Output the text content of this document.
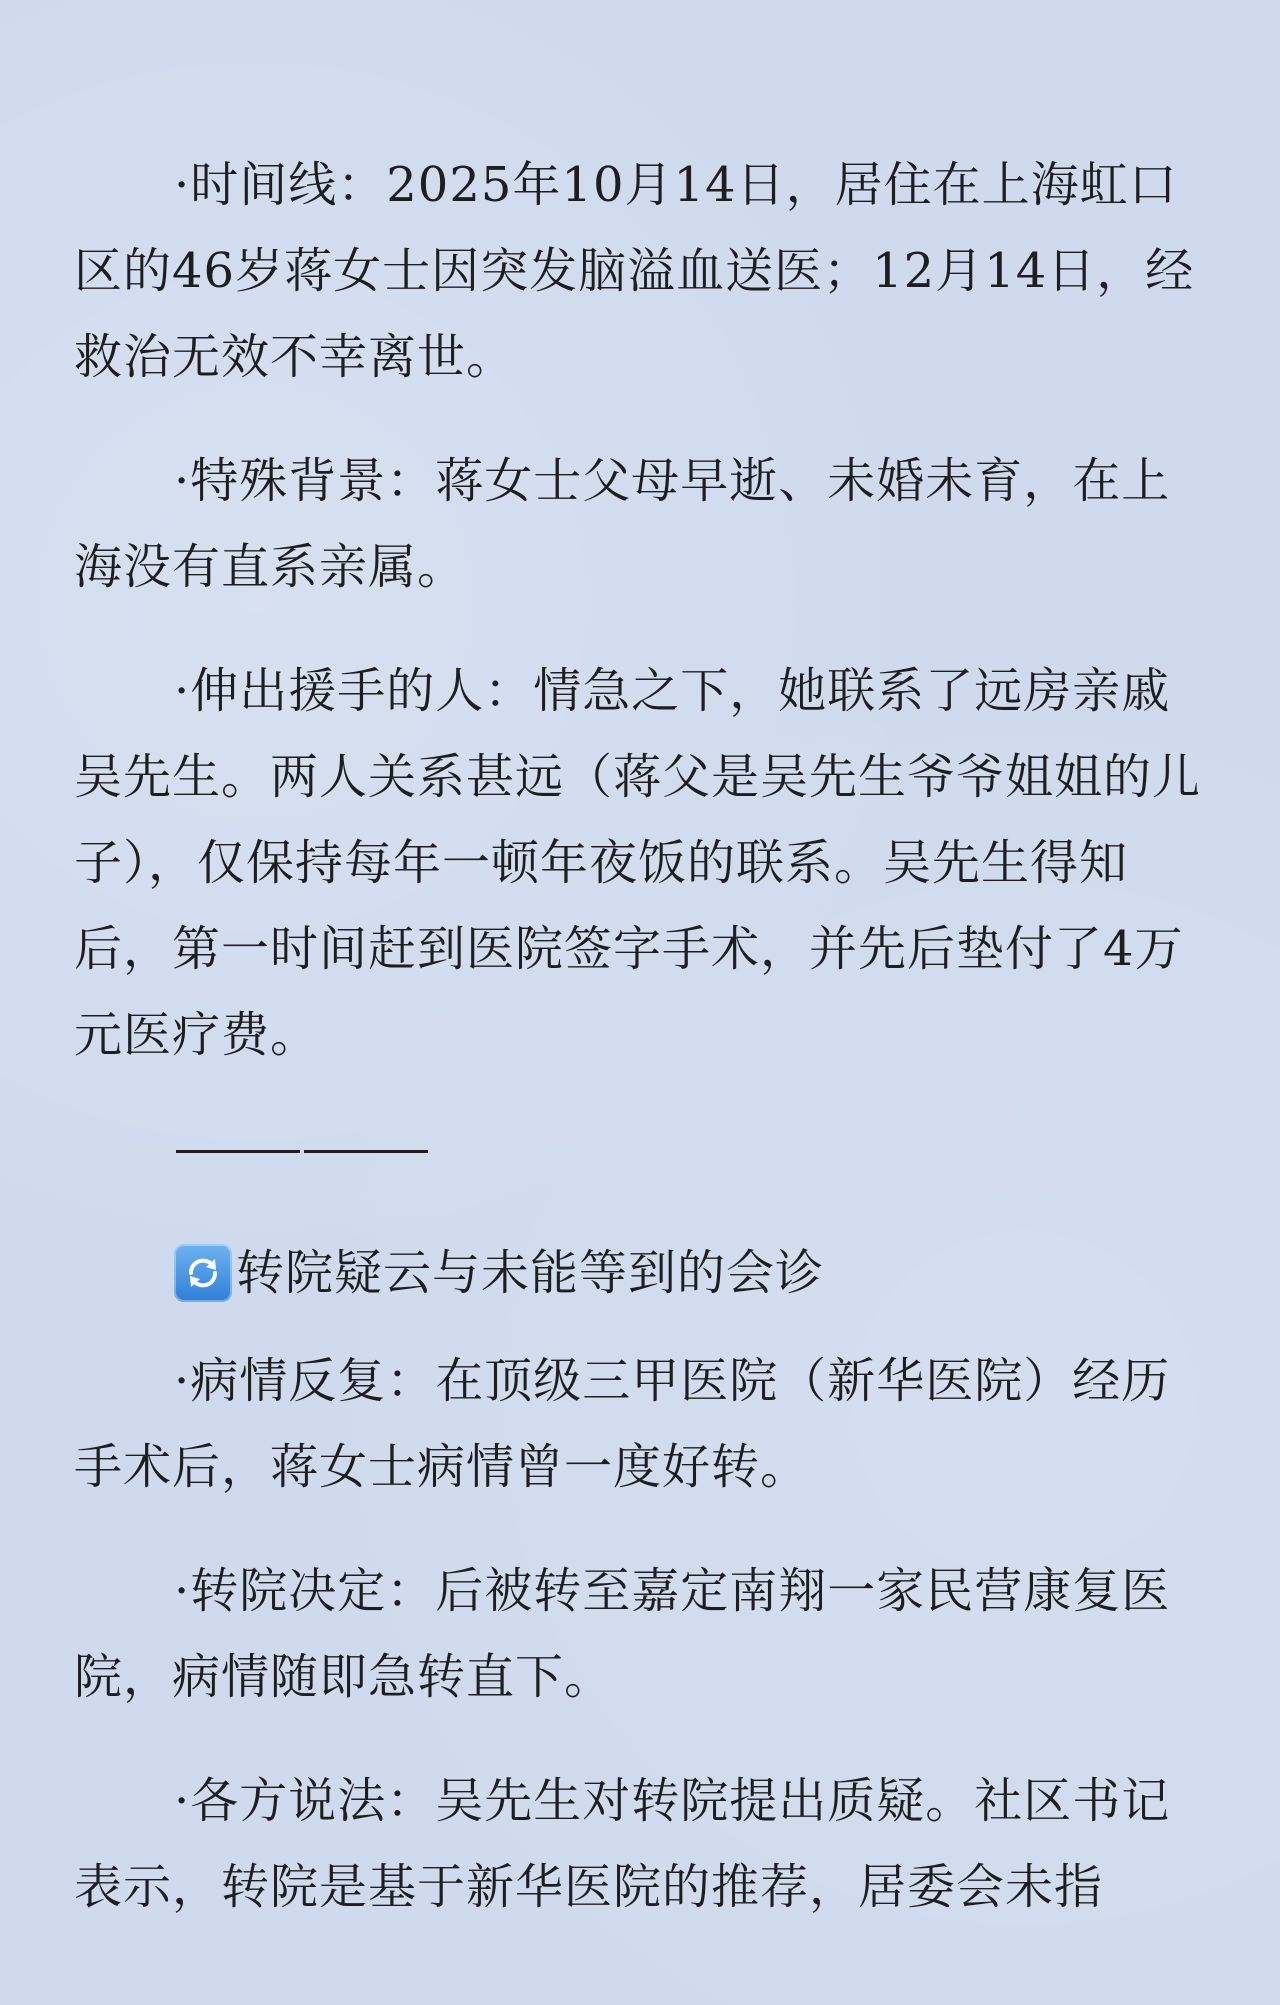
·时间线：2025年10月14日，居住在上海虹口区的46岁蒋女士因突发脑溢血送医；12月14日，经救治无效不幸离世。

·特殊背景：蒋女士父母早逝、未婚未育，在上海没有直系亲属。

·伸出援手的人：情急之下，她联系了远房亲戚吴先生。两人关系甚远（蒋父是吴先生爷爷姐姐的儿子），仅保持每年一顿年夜饭的联系。吴先生得知后，第一时间赶到医院签字手术，并先后垫付了4万元医疗费。

转院疑云与未能等到的会诊

·病情反复：在顶级三甲医院（新华医院）经历手术后，蒋女士病情曾一度好转。

·转院决定：后被转至嘉定南翔一家民营康复医院，病情随即急转直下。

·各方说法：吴先生对转院提出质疑。社区书记表示，转院是基于新华医院的推荐，居委会未指
